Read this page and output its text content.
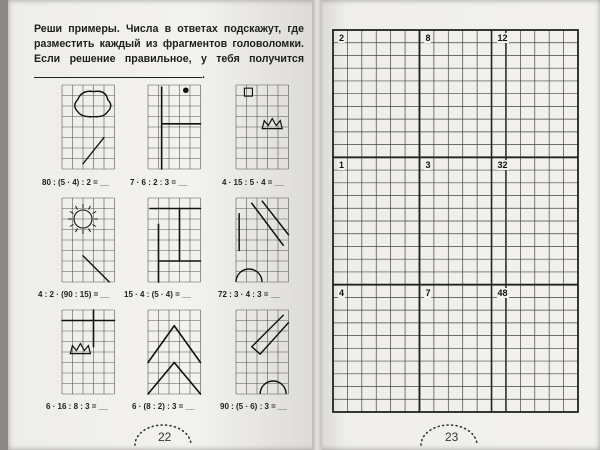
Реши примеры. Числа в ответах подскажут, где разместить каждый из фрагментов головоломки. Если решение правильное, у тебя получится .
80 : (5 · 4) : 2 = __	7 · 6 : 2 : 3 = __	4 · 15 : 5 · 4 = __
4 : 2 · (90 : 15) = __ 15 · 4 : (5 · 4) = __	72 : 3 · 4 : 3 = __
6 · 16 : 8 : 3 = __	6 · (8 : 2) : 3 = __	90 : (5 · 6) : 3 = __
2	8	12
1	3	32
4	7	48
22	23
